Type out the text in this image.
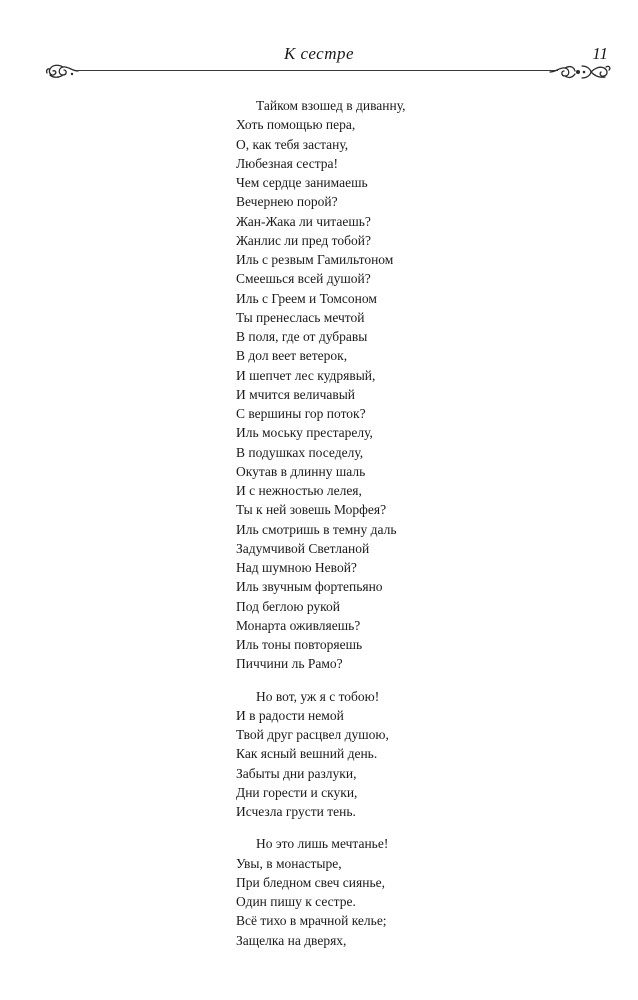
К сестре	11
Тайком взошед в диванну,
Хоть помощью пера,
О, как тебя застану,
Любезная сестра!
Чем сердце занимаешь
Вечернею порой?
Жан-Жака ли читаешь?
Жанлис ли пред тобой?
Иль с резвым Гамильтоном
Смеешься всей душой?
Иль с Греем и Томсоном
Ты пренеслась мечтой
В поля, где от дубравы
В дол веет ветерок,
И шепчет лес кудрявый,
И мчится величавый
С вершины гор поток?
Иль моську престарелу,
В подушках поседелу,
Окутав в длинну шаль
И с нежностью лелея,
Ты к ней зовешь Морфея?
Иль смотришь в темну даль
Задумчивой Светланой
Над шумною Невой?
Иль звучным фортепьяно
Под беглою рукой
Монарта оживляешь?
Иль тоны повторяешь
Пиччини ль Рамо?
Но вот, уж я с тобою!
И в радости немой
Твой друг расцвел душою,
Как ясный вешний день.
Забыты дни разлуки,
Дни горести и скуки,
Исчезла грусти тень.
Но это лишь мечтанье!
Увы, в монастыре,
При бледном свеч сиянье,
Один пишу к сестре.
Всё тихо в мрачной келье;
Защелка на дверях,
